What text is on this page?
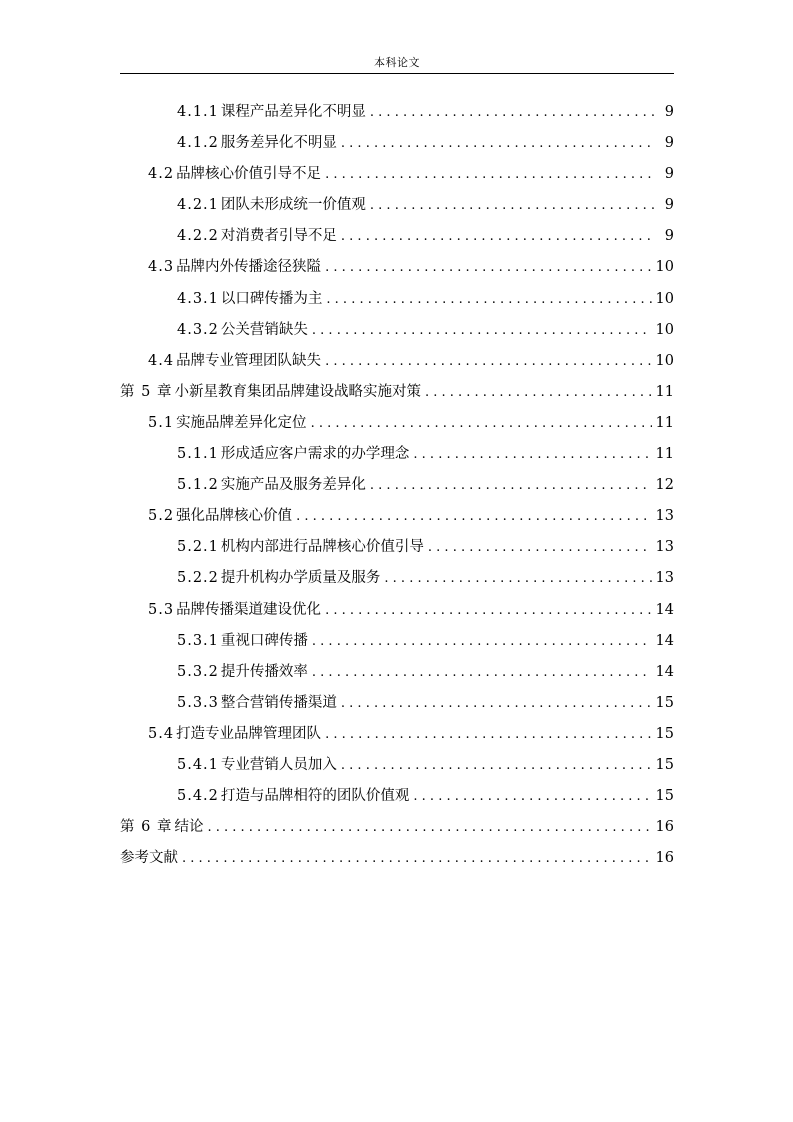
本科论文
4.1.1 课程产品差异化不明显 . . .	9
4.1.2 服务差异化不明显 . . .	9
4.2 品牌核心价值引导不足 . . .	9
4.2.1 团队未形成统一价值观 . . .	9
4.2.2 对消费者引导不足 . . .	9
4.3 品牌内外传播途径狭隘 . . .	10
4.3.1 以口碑传播为主 . . .	10
4.3.2 公关营销缺失 . . .	10
4.4 品牌专业管理团队缺失 . . .	10
第 5 章 小新星教育集团品牌建设战略实施对策 . . .	11
5.1 实施品牌差异化定位 . . .	11
5.1.1 形成适应客户需求的办学理念 . . .	11
5.1.2 实施产品及服务差异化 . . .	12
5.2 强化品牌核心价值 . . .	13
5.2.1 机构内部进行品牌核心价值引导 . . .	13
5.2.2 提升机构办学质量及服务 . . .	13
5.3 品牌传播渠道建设优化 . . .	14
5.3.1 重视口碑传播 . . .	14
5.3.2 提升传播效率 . . .	14
5.3.3 整合营销传播渠道 . . .	15
5.4 打造专业品牌管理团队 . . .	15
5.4.1 专业营销人员加入 . . .	15
5.4.2 打造与品牌相符的团队价值观 . . .	15
第 6 章 结论 . . .	16
参考文献 . . .	16
